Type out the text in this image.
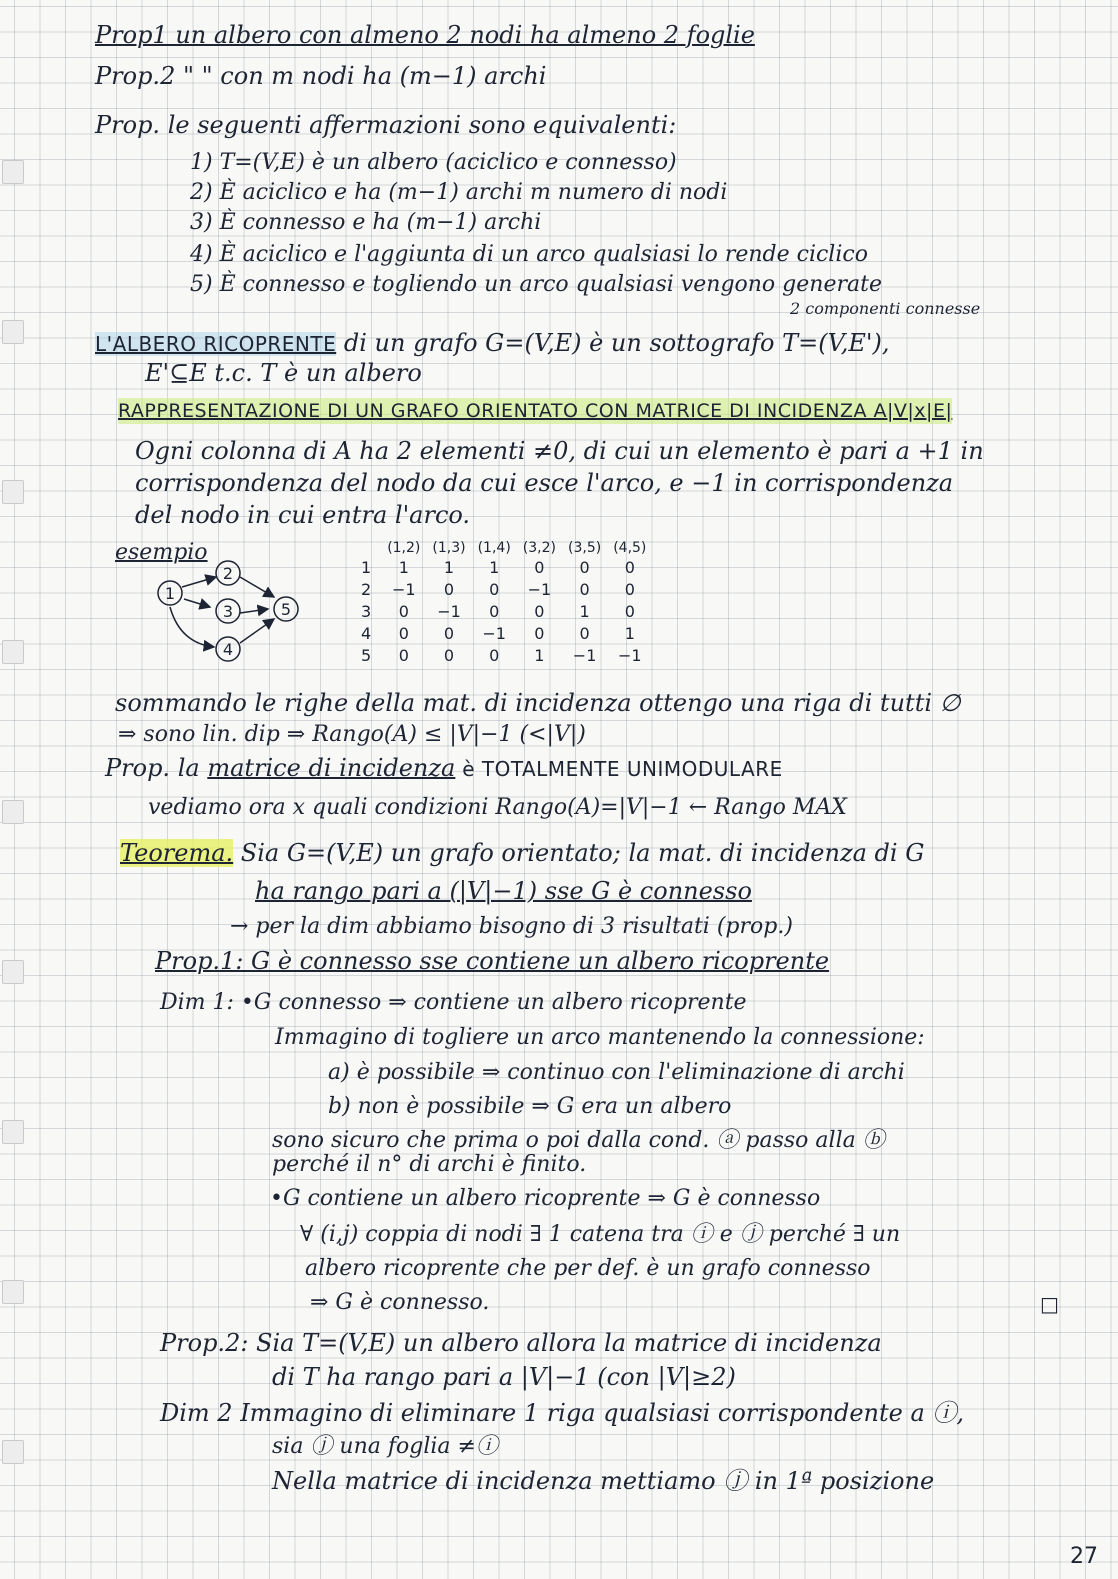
Prop1 un albero con almeno 2 nodi ha almeno 2 foglie
Prop.2 " " con m nodi ha (m−1) archi
Prop. le seguenti affermazioni sono equivalenti:
1) T=(V,E) è un albero (aciclico e connesso)
2) È aciclico e ha (m−1) archi m numero di nodi
3) È connesso e ha (m−1) archi
4) È aciclico e l'aggiunta di un arco qualsiasi lo rende ciclico
5) È connesso e togliendo un arco qualsiasi vengono generate
2 componenti connesse
L'ALBERO RICOPRENTE di un grafo G=(V,E) è un sottografo T=(V,E'),
E'⊆E t.c. T è un albero
RAPPRESENTAZIONE DI UN GRAFO ORIENTATO CON MATRICE DI INCIDENZA A|V|x|E|
Ogni colonna di A ha 2 elementi ≠0, di cui un elemento è pari a +1 in
corrispondenza del nodo da cui esce l'arco, e −1 in corrispondenza
del nodo in cui entra l'arco.
esempio
1
2
3
4
5
	(1,2)	(1,3)	(1,4)	(3,2)	(3,5)	(4,5)
1	1	1	1	0	0	0
2	−1	0	0	−1	0	0
3	0	−1	0	0	1	0
4	0	0	−1	0	0	1
5	0	0	0	1	−1	−1
sommando le righe della mat. di incidenza ottengo una riga di tutti ∅
⇒ sono lin. dip ⇒ Rango(A) ≤ |V|−1 (<|V|)
Prop. la matrice di incidenza è TOTALMENTE UNIMODULARE
vediamo ora x quali condizioni Rango(A)=|V|−1 ← Rango MAX
Teorema. Sia G=(V,E) un grafo orientato; la mat. di incidenza di G
ha rango pari a (|V|−1) sse G è connesso
→ per la dim abbiamo bisogno di 3 risultati (prop.)
Prop.1: G è connesso sse contiene un albero ricoprente
Dim 1: •G connesso ⇒ contiene un albero ricoprente
Immagino di togliere un arco mantenendo la connessione:
a) è possibile ⇒ continuo con l'eliminazione di archi
b) non è possibile ⇒ G era un albero
sono sicuro che prima o poi dalla cond. ⓐ passo alla ⓑ
perché il n° di archi è finito.
•G contiene un albero ricoprente ⇒ G è connesso
∀ (i,j) coppia di nodi ∃ 1 catena tra ⓘ e ⓙ perché ∃ un
albero ricoprente che per def. è un grafo connesso
⇒ G è connesso.	□
Prop.2: Sia T=(V,E) un albero allora la matrice di incidenza
di T ha rango pari a |V|−1 (con |V|≥2)
Dim 2 Immagino di eliminare 1 riga qualsiasi corrispondente a ⓘ,
sia ⓙ una foglia ≠ⓘ
Nella matrice di incidenza mettiamo ⓙ in 1ª posizione
27
